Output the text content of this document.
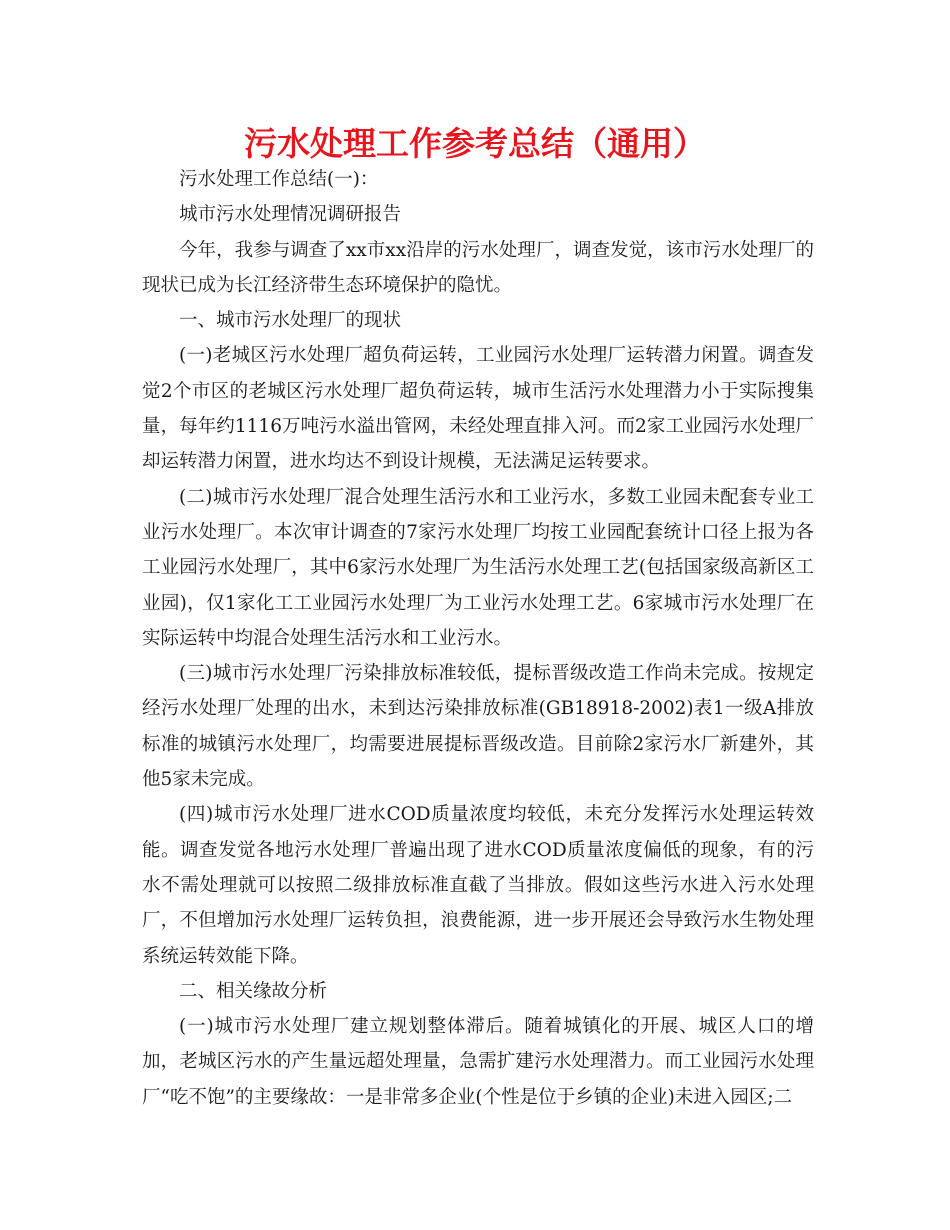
污水处理工作参考总结（通用）

污水处理工作总结(一)：

城市污水处理情况调研报告

今年，我参与调查了xx市xx沿岸的污水处理厂，调查发觉，该市污水处理厂的现状已成为长江经济带生态环境保护的隐忧。

一、城市污水处理厂的现状

(一)老城区污水处理厂超负荷运转，工业园污水处理厂运转潜力闲置。调查发觉2个市区的老城区污水处理厂超负荷运转，城市生活污水处理潜力小于实际搜集量，每年约1116万吨污水溢出管网，未经处理直排入河。而2家工业园污水处理厂却运转潜力闲置，进水均达不到设计规模，无法满足运转要求。

(二)城市污水处理厂混合处理生活污水和工业污水，多数工业园未配套专业工业污水处理厂。本次审计调查的7家污水处理厂均按工业园配套统计口径上报为各工业园污水处理厂，其中6家污水处理厂为生活污水处理工艺(包括国家级高新区工业园)，仅1家化工工业园污水处理厂为工业污水处理工艺。6家城市污水处理厂在实际运转中均混合处理生活污水和工业污水。

(三)城市污水处理厂污染排放标准较低，提标晋级改造工作尚未完成。按规定经污水处理厂处理的出水，未到达污染排放标准(GB18918-2002)表1一级A排放标准的城镇污水处理厂，均需要进展提标晋级改造。目前除2家污水厂新建外，其他5家未完成。

(四)城市污水处理厂进水COD质量浓度均较低，未充分发挥污水处理运转效能。调查发觉各地污水处理厂普遍出现了进水COD质量浓度偏低的现象，有的污水不需处理就可以按照二级排放标准直截了当排放。假如这些污水进入污水处理厂，不但增加污水处理厂运转负担，浪费能源，进一步开展还会导致污水生物处理系统运转效能下降。

二、相关缘故分析

(一)城市污水处理厂建立规划整体滞后。随着城镇化的开展、城区人口的增加，老城区污水的产生量远超处理量，急需扩建污水处理潜力。而工业园污水处理厂“吃不饱”的主要缘故：一是非常多企业(个性是位于乡镇的企业)未进入园区;二
